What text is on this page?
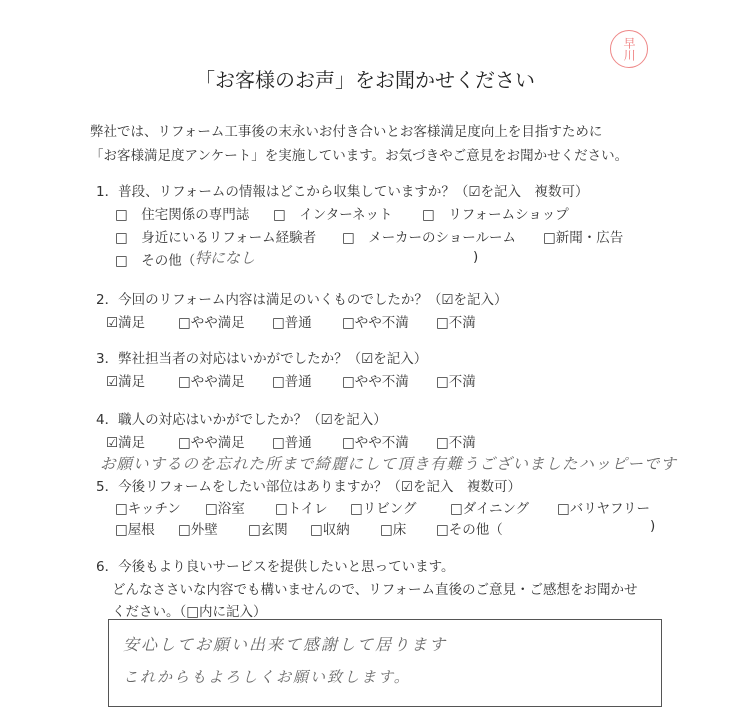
早川
「お客様のお声」をお聞かせください
弊社では、リフォーム工事後の末永いお付き合いとお客様満足度向上を目指すために
「お客様満足度アンケート」を実施しています。お気づきやご意見をお聞かせください。
1．普段、リフォームの情報はどこから収集していますか？（☑を記入　複数可）
□　住宅関係の専門誌 □　インターネット □　リフォームショップ
□　身近にいるリフォーム経験者 □　メーカーのショールーム □新聞・広告
□　その他（ 特になし	)
2．今回のリフォーム内容は満足のいくものでしたか？（☑を記入）
☑満足 □やや満足 □普通 □やや不満 □不満
3．弊社担当者の対応はいかがでしたか？（☑を記入）
☑満足 □やや満足 □普通 □やや不満 □不満
4．職人の対応はいかがでしたか？（☑を記入）
☑満足 □やや満足 □普通 □やや不満 □不満
お願いするのを忘れた所まで綺麗にして頂き有難うございましたハッピーです
5．今後リフォームをしたい部位はありますか？（☑を記入　複数可）
□キッチン □浴室 □トイレ □リビング □ダイニング □バリヤフリー
□屋根 □外壁 □玄関 □収納 □床 □その他（	)
6．今後もより良いサービスを提供したいと思っています。
どんなささいな内容でも構いませんので、リフォーム直後のご意見・ご感想をお聞かせ
ください。（□内に記入）
安心してお願い出来て感謝して居ります
これからもよろしくお願い致します。
